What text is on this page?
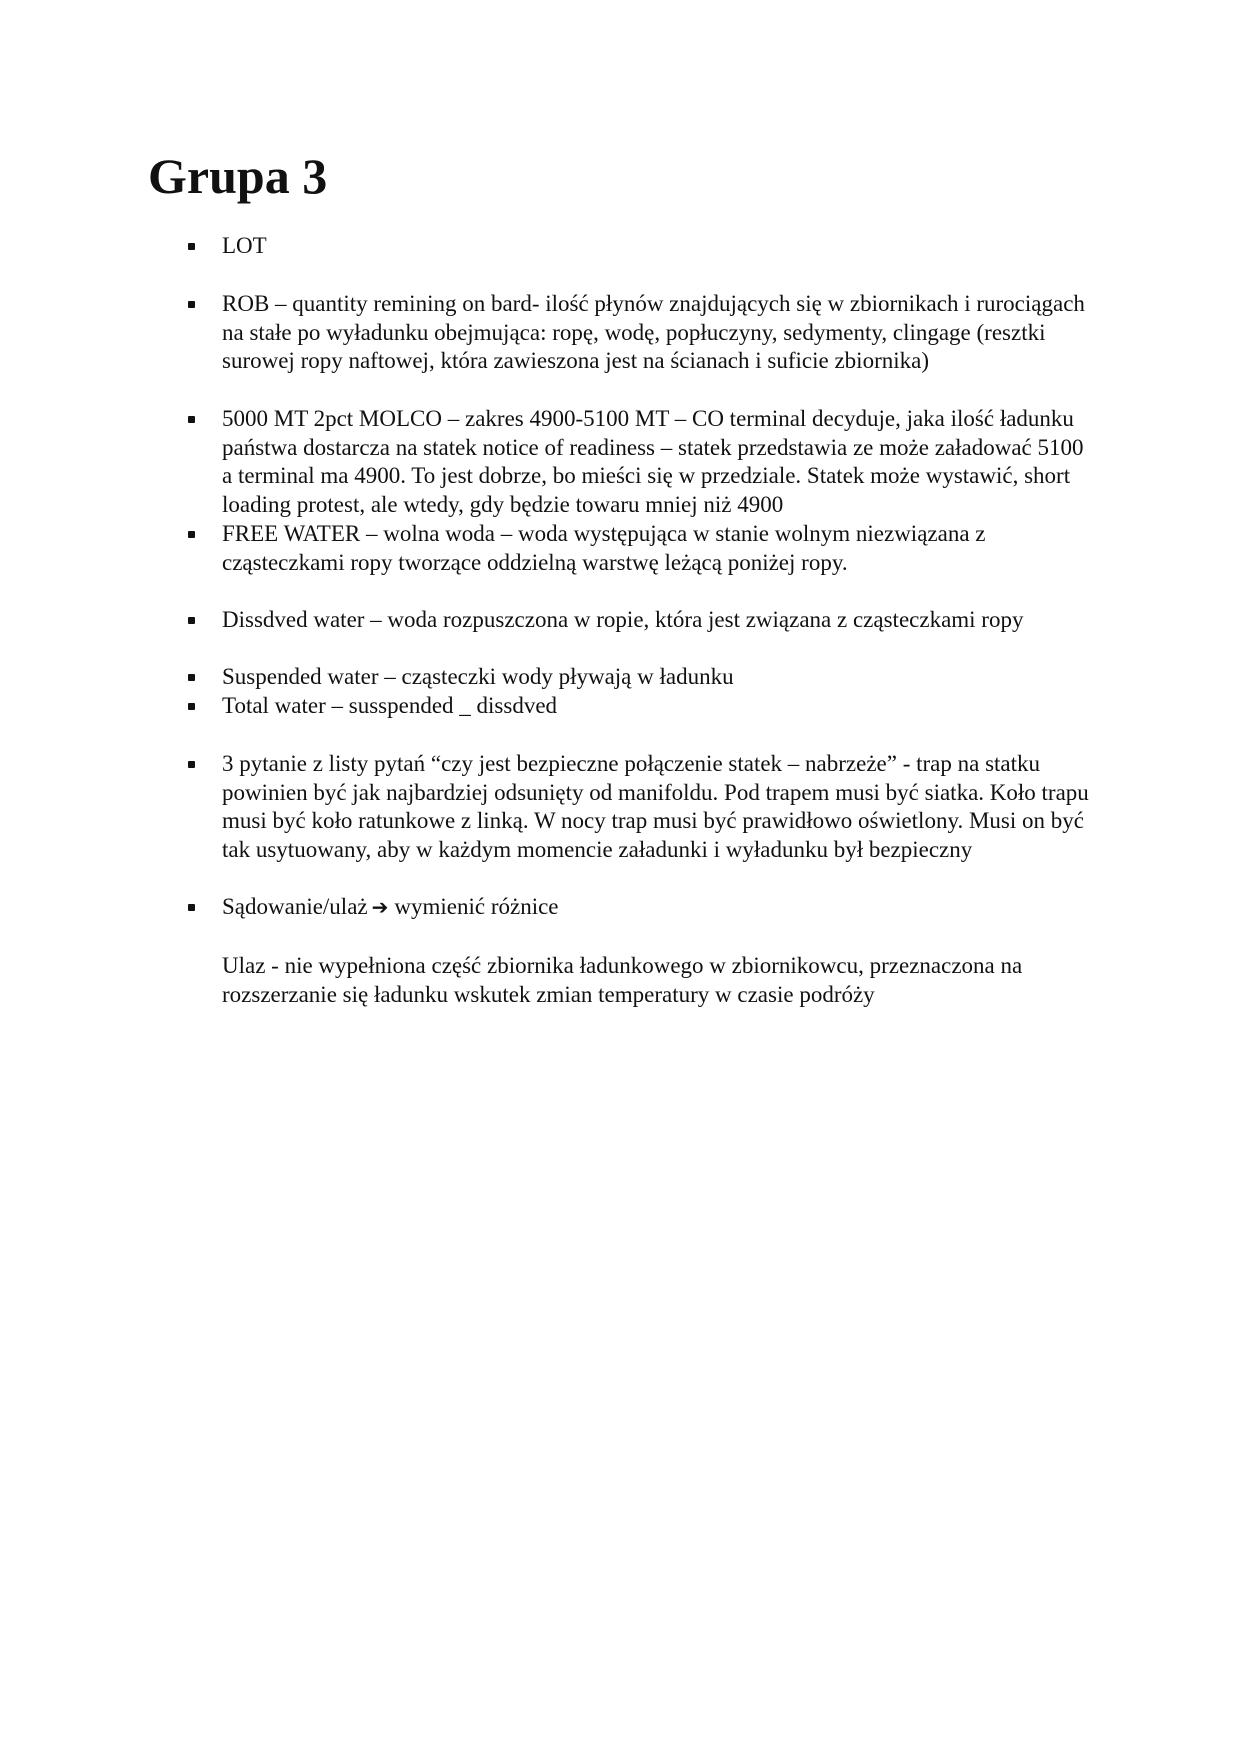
Grupa 3

LOT

ROB – quantity remining on bard- ilość płynów znajdujących się w zbiornikach i rurociągach na stałe po wyładunku obejmująca: ropę, wodę, popłuczyny, sedymenty, clingage (resztki surowej ropy naftowej, która zawieszona jest na ścianach i suficie zbiornika)

5000 MT 2pct MOLCO – zakres 4900-5100 MT – CO terminal decyduje, jaka ilość ładunku państwa dostarcza na statek notice of readiness – statek przedstawia ze może załadować 5100 a terminal ma 4900. To jest dobrze, bo mieści się w przedziale. Statek może wystawić, short loading protest, ale wtedy, gdy będzie towaru mniej niż 4900

FREE WATER – wolna woda – woda występująca w stanie wolnym niezwiązana z cząsteczkami ropy tworzące oddzielną warstwę leżącą poniżej ropy.

Dissdved water – woda rozpuszczona w ropie, która jest związana z cząsteczkami ropy

Suspended water – cząsteczki wody pływają w ładunku

Total water – susspended _ dissdved

3 pytanie z listy pytań “czy jest bezpieczne połączenie statek – nabrzeże” - trap na statku powinien być jak najbardziej odsunięty od manifoldu. Pod trapem musi być siatka. Koło trapu musi być koło ratunkowe z linką. W nocy trap musi być prawidłowo oświetlony. Musi on być tak usytuowany, aby w każdym momencie załadunki i wyładunku był bezpieczny

Sądowanie/ulaż ➔ wymienić różnice

Ulaz - nie wypełniona część zbiornika ładunkowego w zbiornikowcu, przeznaczona na rozszerzanie się ładunku wskutek zmian temperatury w czasie podróży
